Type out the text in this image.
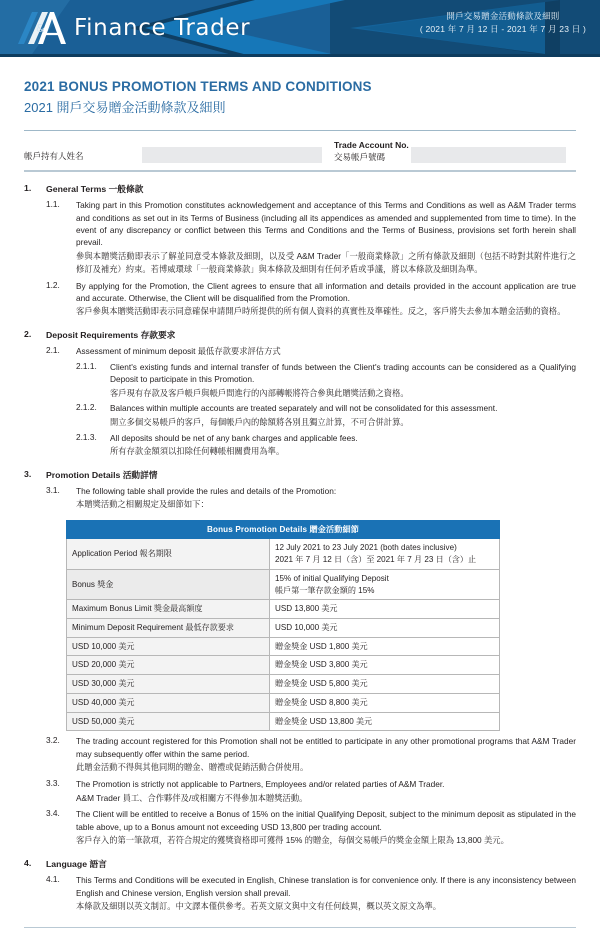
& Finance Trader	開戶交易贈金活動條款及細則
( 2021 年 7 月 12 日 - 2021 年 7 月 23 日 )
2021 BONUS PROMOTION TERMS AND CONDITIONS
2021 開戶交易贈金活動條款及細則
帳戶持有人姓名
Trade Account No.
交易帳戶號碼
1.	General Terms 一般條款
1.1.	Taking part in this Promotion constitutes acknowledgement and acceptance of this Terms and Conditions as well as A&M Trader terms and conditions as set out in its Terms of Business (including all its appendices as amended and supplemented from time to time). In the event of any discrepancy or conflict between this Terms and Conditions and the Terms of Business, provisions set forth herein shall prevail.
參與本贈獎活動即表示了解並同意受本條款及細則，以及受 A&M Trader「一般商業條款」之所有條款及細則（包括不時對其附件進行之修訂及補充）約束。若博威環球「一般商業條款」與本條款及細則有任何矛盾或爭議，將以本條款及細則為準。
1.2.	By applying for the Promotion, the Client agrees to ensure that all information and details provided in the account application are true and accurate. Otherwise, the Client will be disqualified from the Promotion.
客戶參與本贈獎活動即表示同意確保申請開戶時所提供的所有個人資料的真實性及準確性。反之，客戶將失去參加本贈金活動的資格。
2.	Deposit Requirements 存款要求
2.1.	Assessment of minimum deposit 最低存款要求評估方式
2.1.1.	Client's existing funds and internal transfer of funds between the Client's trading accounts can be considered as a Qualifying Deposit to participate in this Promotion.
客戶現有存款及客戶帳戶與帳戶間進行的內部轉帳將符合參與此贈獎活動之資格。
2.1.2.	Balances within multiple accounts are treated separately and will not be consolidated for this assessment.
開立多個交易帳戶的客戶，每個帳戶內的餘額將各別且獨立計算，不可合併計算。
2.1.3.	All deposits should be net of any bank charges and applicable fees.
所有存款金額須以扣除任何轉帳相關費用為準。
3.	Promotion Details 活動詳情
3.1.	The following table shall provide the rules and details of the Promotion:
本贈獎活動之相關規定及細節如下：
Bonus Promotion Details 贈金活動細節	
Application Period 報名期限	12 July 2021 to 23 July 2021 (both dates inclusive)
2021 年 7 月 12 日（含）至 2021 年 7 月 23 日（含）止

Bonus 獎金	15% of initial Qualifying Deposit
帳戶第一筆存款金額的 15%

Maximum Bonus Limit 獎金最高額度	USD 13,800 美元
Minimum Deposit Requirement 最低存款要求	USD 10,000 美元
USD 10,000 美元	贈金獎金 USD 1,800 美元
USD 20,000 美元	贈金獎金 USD 3,800 美元
USD 30,000 美元	贈金獎金 USD 5,800 美元
USD 40,000 美元	贈金獎金 USD 8,800 美元
USD 50,000 美元	贈金獎金 USD 13,800 美元
3.2.	The trading account registered for this Promotion shall not be entitled to participate in any other promotional programs that A&M Trader may subsequently offer within the same period.
此贈金活動不得與其他同期的贈金、贈禮或促銷活動合併使用。
3.3.	The Promotion is strictly not applicable to Partners, Employees and/or related parties of A&M Trader.
A&M Trader 員工、合作夥伴及/或相關方不得參加本贈獎活動。
3.4.	The Client will be entitled to receive a Bonus of 15% on the initial Qualifying Deposit, subject to the minimum deposit as stipulated in the table above, up to a Bonus amount not exceeding USD 13,800 per trading account.
客戶存入的第一筆款項，若符合規定的獲獎資格即可獲得 15% 的贈金，每個交易帳戶的獎金金額上限為 13,800 美元。
4.	Language 語言
4.1.	This Terms and Conditions will be executed in English, Chinese translation is for convenience only. If there is any inconsistency between English and Chinese version, English version shall prevail.
本條款及細則以英文制訂。中文譯本僅供參考。若英文原文與中文有任何歧異，概以英文原文為準。
